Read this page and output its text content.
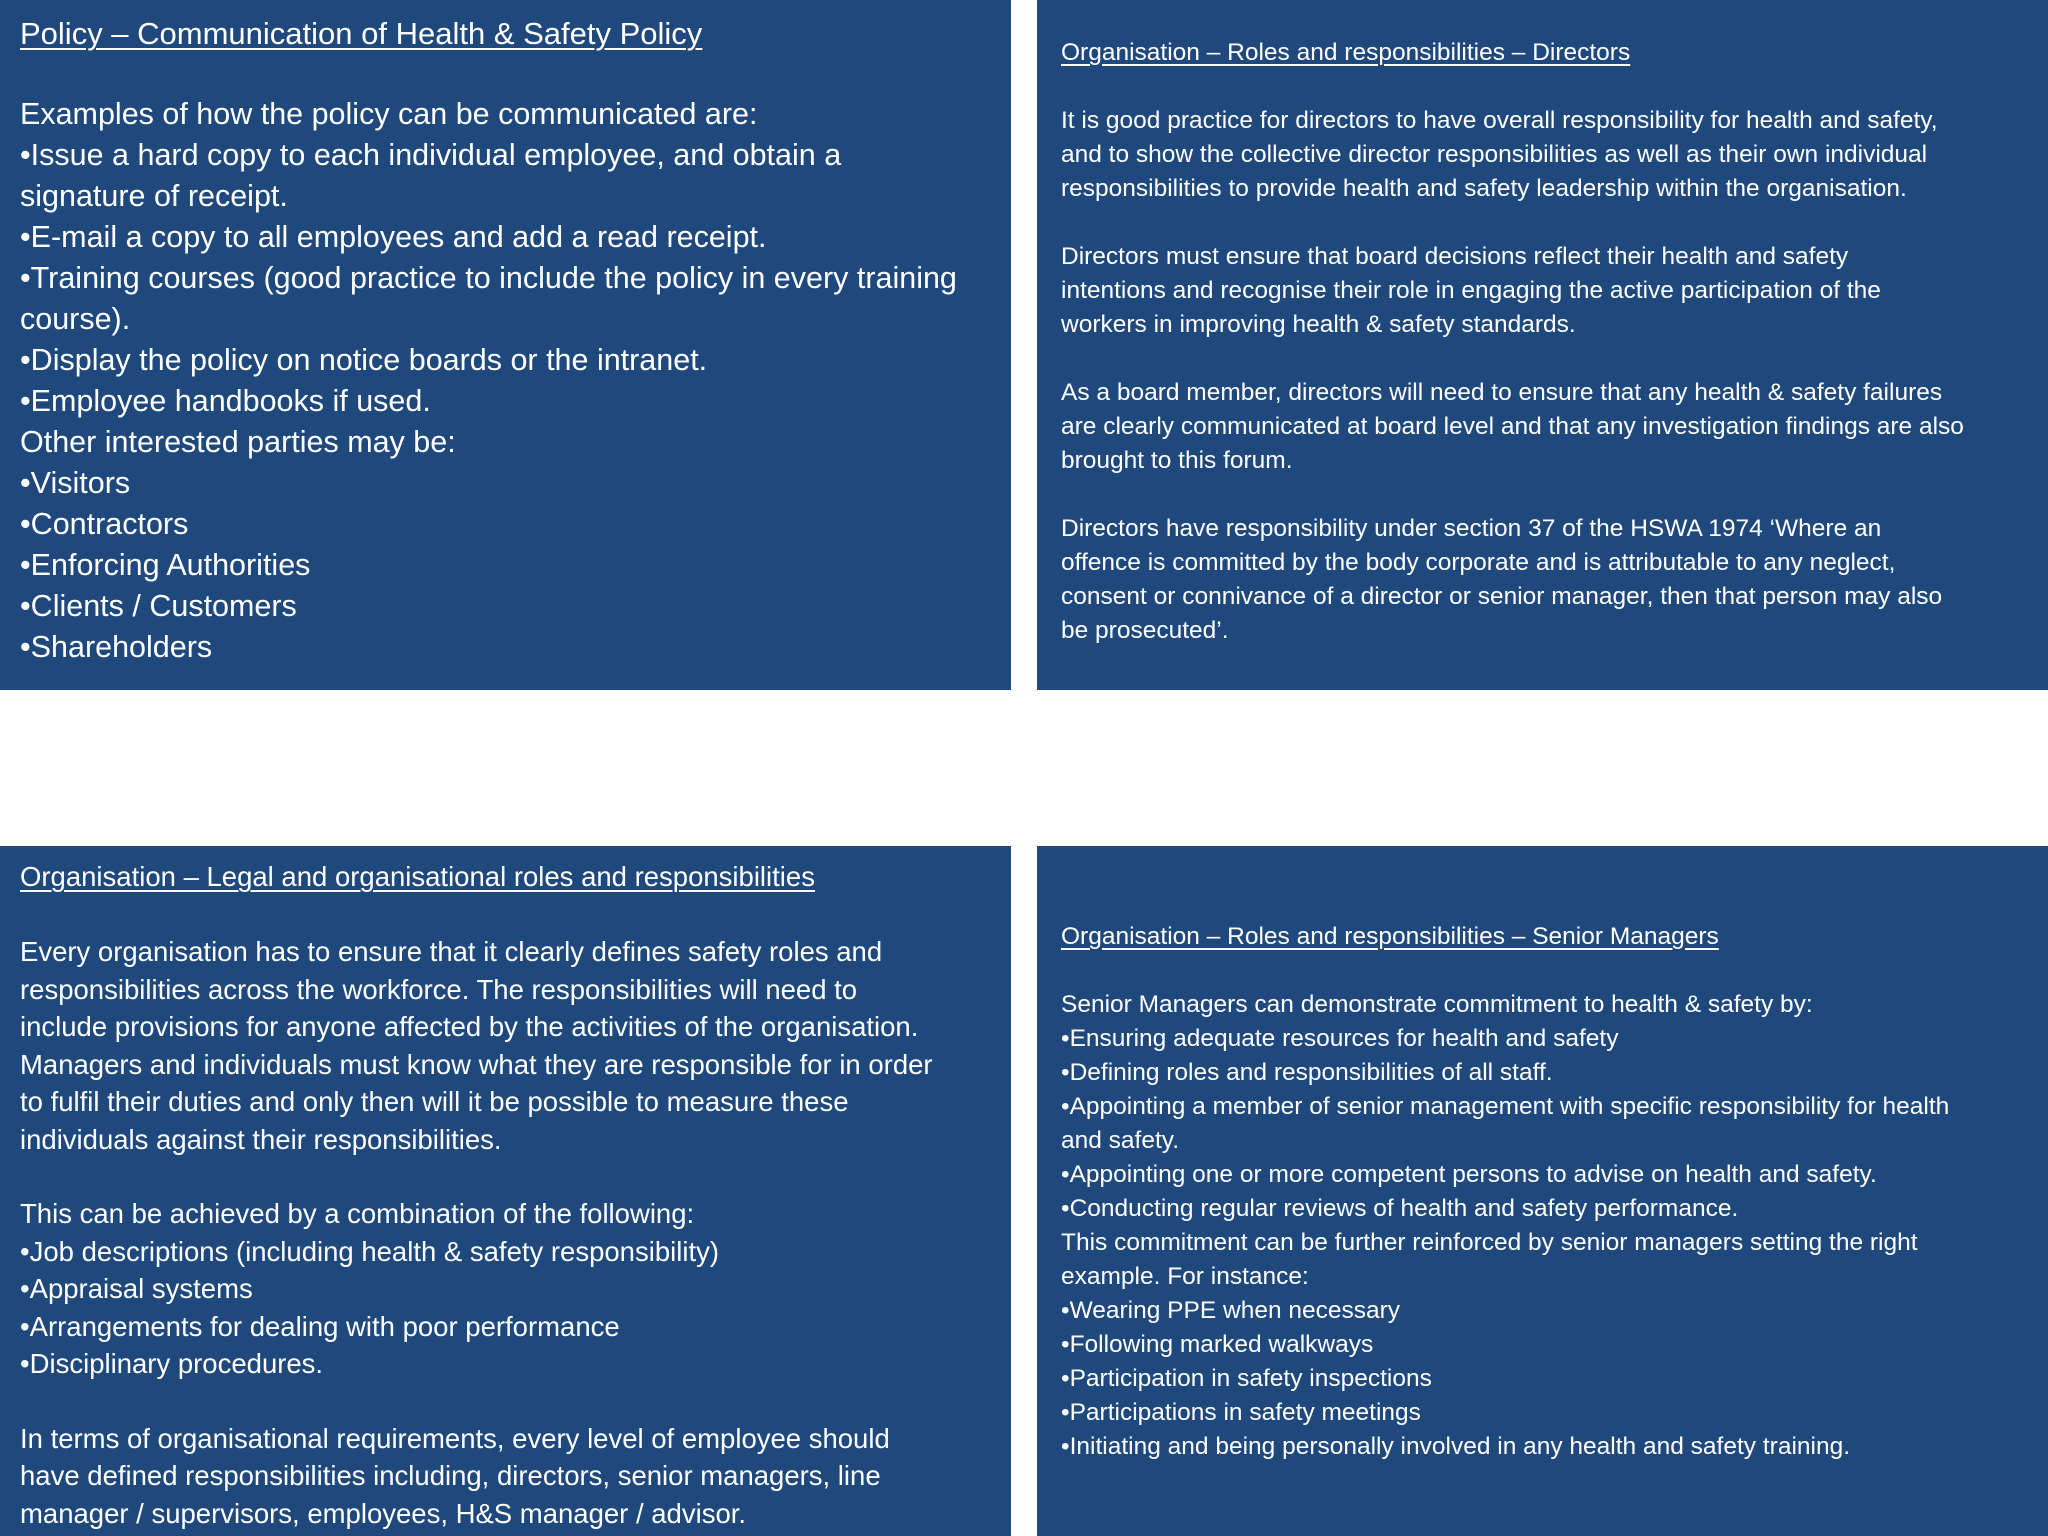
Policy – Communication of Health & Safety Policy

Examples of how the policy can be communicated are:

•Issue a hard copy to each individual employee, and obtain a

signature of receipt.

•E-mail a copy to all employees and add a read receipt.

•Training courses (good practice to include the policy in every training

course).

•Display the policy on notice boards or the intranet.

•Employee handbooks if used.

Other interested parties may be:

•Visitors

•Contractors

•Enforcing Authorities

•Clients / Customers

•Shareholders

Organisation – Roles and responsibilities – Directors

It is good practice for directors to have overall responsibility for health and safety,

and to show the collective director responsibilities as well as their own individual

responsibilities to provide health and safety leadership within the organisation.

Directors must ensure that board decisions reflect their health and safety

intentions and recognise their role in engaging the active participation of the

workers in improving health & safety standards.

As a board member, directors will need to ensure that any health & safety failures

are clearly communicated at board level and that any investigation findings are also

brought to this forum.

Directors have responsibility under section 37 of the HSWA 1974 ‘Where an

offence is committed by the body corporate and is attributable to any neglect,

consent or connivance of a director or senior manager, then that person may also

be prosecuted’.

Organisation – Legal and organisational roles and responsibilities

Every organisation has to ensure that it clearly defines safety roles and

responsibilities across the workforce. The responsibilities will need to

include provisions for anyone affected by the activities of the organisation.

Managers and individuals must know what they are responsible for in order

to fulfil their duties and only then will it be possible to measure these

individuals against their responsibilities.

This can be achieved by a combination of the following:

•Job descriptions (including health & safety responsibility)

•Appraisal systems

•Arrangements for dealing with poor performance

•Disciplinary procedures.

In terms of organisational requirements, every level of employee should

have defined responsibilities including, directors, senior managers, line

manager / supervisors, employees, H&S manager / advisor.

Organisation – Roles and responsibilities – Senior Managers

Senior Managers can demonstrate commitment to health & safety by:

•Ensuring adequate resources for health and safety

•Defining roles and responsibilities of all staff.

•Appointing a member of senior management with specific responsibility for health

and safety.

•Appointing one or more competent persons to advise on health and safety.

•Conducting regular reviews of health and safety performance.

This commitment can be further reinforced by senior managers setting the right

example. For instance:

•Wearing PPE when necessary

•Following marked walkways

•Participation in safety inspections

•Participations in safety meetings

•Initiating and being personally involved in any health and safety training.
